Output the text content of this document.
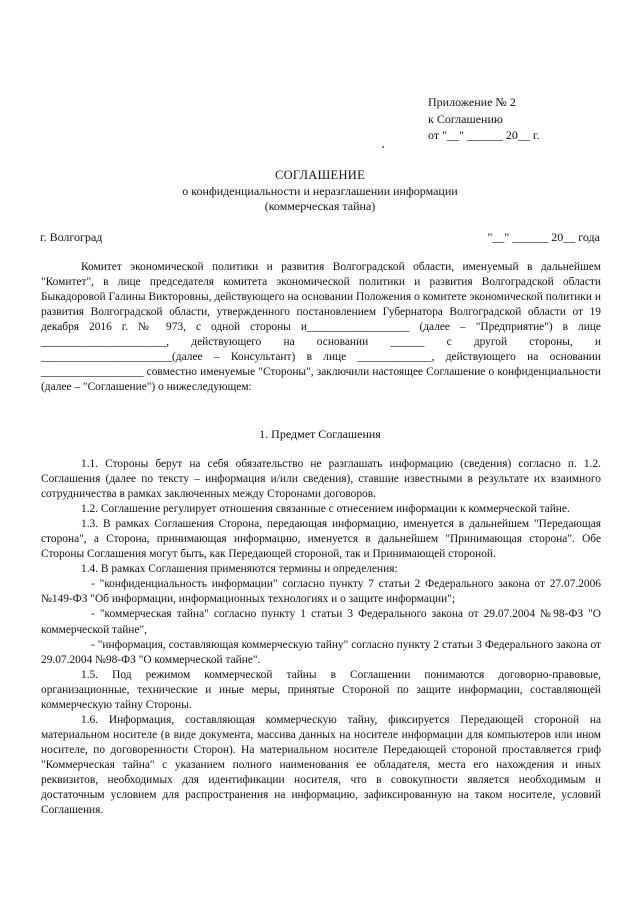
Приложение № 2
к Соглашению
от "__" ______ 20__ г.
СОГЛАШЕНИЕ
о конфиденциальности и неразглашении информации
(коммерческая тайна)
г. Волгоград	"__" ______ 20__ года

Комитет экономической политики и развития Волгоградской области, именуемый в дальнейшем "Комитет", в лице председателя комитета экономической политики и развития Волгоградской области Быкадоровой Галины Викторовны, действующего на основании Положения о комитете экономической политики и развития Волгоградской области, утвержденного постановлением Губернатора Волгоградской области от 19 декабря 2016 г. № 973, с одной стороны и__________________ (далее – "Предприятие") в лице ______________________, действующего на основании ______ с другой стороны, и _______________________(далее – Консультант) в лице _____________, действующего на основании __________________ совместно именуемые "Стороны", заключили настоящее Соглашение о конфиденциальности (далее – "Соглашение") о нижеследующем:

1. Предмет Соглашения

1.1. Стороны берут на себя обязательство не разглашать информацию (сведения) согласно п. 1.2. Соглашения (далее по тексту – информация и/или сведения), ставшие известными в результате их взаимного сотрудничества в рамках заключенных между Сторонами договоров.

1.2. Соглашение регулирует отношения связанные с отнесением информации к коммерческой тайне.

1.3. В рамках Соглашения Сторона, передающая информацию, именуется в дальнейшем "Передающая сторона", а Сторона, принимающая информацию, именуется в дальнейшем "Принимающая сторона". Обе Стороны Соглашения могут быть, как Передающей стороной, так и Принимающей стороной.

1.4. В рамках Соглашения применяются термины и определения:

- "конфиденциальность информации" согласно пункту 7 статьи 2 Федерального закона от 27.07.2006 №149-ФЗ "Об информации, информационных технологиях и о защите информации";

- "коммерческая тайна" согласно пункту 1 статьи 3 Федерального закона от 29.07.2004 №98-ФЗ "О коммерческой тайне",

- "информация, составляющая коммерческую тайну" согласно пункту 2 статьи 3 Федерального закона от 29.07.2004 №98-ФЗ "О коммерческой тайне".

1.5. Под режимом коммерческой тайны в Соглашении понимаются договорно-правовые, организационные, технические и иные меры, принятые Стороной по защите информации, составляющей коммерческую тайну Стороны.

1.6. Информация, составляющая коммерческую тайну, фиксируется Передающей стороной на материальном носителе (в виде документа, массива данных на носителе информации для компьютеров или ином носителе, по договоренности Сторон). На материальном носителе Передающей стороной проставляется гриф "Коммерческая тайна" с указанием полного наименования ее обладателя, места его нахождения и иных реквизитов, необходимых для идентификации носителя, что в совокупности является необходимым и достаточным условием для распространения на информацию, зафиксированную на таком носителе, условий Соглашения.
